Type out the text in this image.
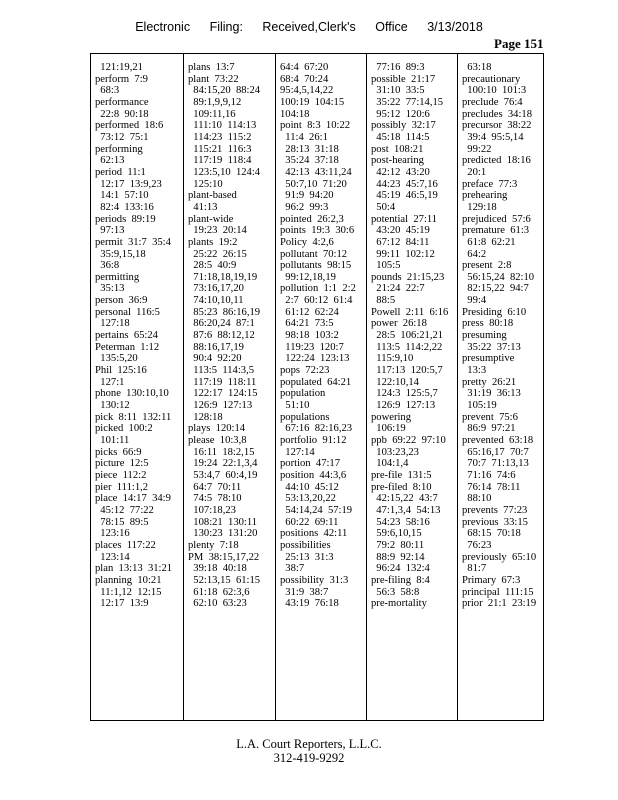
Electronic Filing: Received,Clerk's Office 3/13/2018
Page 151
121:19,21
perform  7:9
68:3
performance
22:8  90:18
performed  18:6
73:12  75:1
performing
62:13
period  11:1
12:17  13:9,23
14:1  57:10
82:4  133:16
periods  89:19
97:13
permit  31:7  35:4
35:9,15,18
36:8
permitting
35:13
person  36:9
personal  116:5
127:18
pertains  65:24
Peterman  1:12
135:5,20
Phil  125:16
127:1
phone  130:10,10
130:12
pick  8:11  132:11
picked  100:2
101:11
picks  66:9
picture  12:5
piece  112:2
pier  111:1,2
place  14:17  34:9
45:12  77:22
78:15  89:5
123:16
places  117:22
123:14
plan  13:13  31:21
planning  10:21
11:1,12  12:15
12:17  13:9
plans  13:7
plant  73:22
84:15,20  88:24
89:1,9,9,12
109:11,16
111:10  114:13
114:23  115:2
115:21  116:3
117:19  118:4
123:5,10  124:4
125:10
plant-based
41:13
plant-wide
19:23  20:14
plants  19:2
25:22  26:15
28:5  40:9
71:18,18,19,19
73:16,17,20
74:10,10,11
85:23  86:16,19
86:20,24  87:1
87:6  88:12,12
88:16,17,19
90:4  92:20
113:5  114:3,5
117:19  118:11
122:17  124:15
126:9  127:13
128:18
plays  120:14
please  10:3,8
16:11  18:2,15
19:24  22:1,3,4
53:4,7  60:4,19
64:7  70:11
74:5  78:10
107:18,23
108:21  130:11
130:23  131:20
plenty  7:18
PM  38:15,17,22
39:18  40:18
52:13,15  61:15
61:18  62:3,6
62:10  63:23
64:4  67:20
68:4  70:24
95:4,5,14,22
100:19  104:15
104:18
point  8:3  10:22
11:4  26:1
28:13  31:18
35:24  37:18
42:13  43:11,24
50:7,10  71:20
91:9  94:20
96:2  99:3
pointed  26:2,3
points  19:3  30:6
Policy  4:2,6
pollutant  70:12
pollutants  98:15
99:12,18,19
pollution  1:1  2:2
2:7  60:12  61:4
61:12  62:24
64:21  73:5
98:18  103:2
119:23  120:7
122:24  123:13
pops  72:23
populated  64:21
population
51:10
populations
67:16  82:16,23
portfolio  91:12
127:14
portion  47:17
position  44:3,6
44:10  45:12
53:13,20,22
54:14,24  57:19
60:22  69:11
positions  42:11
possibilities
25:13  31:3
38:7
possibility  31:3
31:9  38:7
43:19  76:18
77:16  89:3
possible  21:17
31:10  33:5
35:22  77:14,15
95:12  120:6
possibly  32:17
45:18  114:5
post  108:21
post-hearing
42:12  43:20
44:23  45:7,16
45:19  46:5,19
50:4
potential  27:11
43:20  45:19
67:12  84:11
99:11  102:12
105:5
pounds  21:15,23
21:24  22:7
88:5
Powell  2:11  6:16
power  26:18
28:5  106:21,21
113:5  114:2,22
115:9,10
117:13  120:5,7
122:10,14
124:3  125:5,7
126:9  127:13
powering
106:19
ppb  69:22  97:10
103:23,23
104:1,4
pre-file  131:5
pre-filed  8:10
42:15,22  43:7
47:1,3,4  54:13
54:23  58:16
59:6,10,15
79:2  80:11
88:9  92:14
96:24  132:4
pre-filing  8:4
56:3  58:8
pre-mortality
63:18
precautionary
100:10  101:3
preclude  76:4
precludes  34:18
precursor  38:22
39:4  95:5,14
99:22
predicted  18:16
20:1
preface  77:3
prehearing
129:18
prejudiced  57:6
premature  61:3
61:8  62:21
64:2
present  2:8
56:15,24  82:10
82:15,22  94:7
99:4
Presiding  6:10
press  80:18
presuming
35:22  37:13
presumptive
13:3
pretty  26:21
31:19  36:13
105:19
prevent  75:6
86:9  97:21
prevented  63:18
65:16,17  70:7
70:7  71:13,13
71:16  74:6
76:14  78:11
88:10
prevents  77:23
previous  33:15
68:15  70:18
76:23
previously  65:10
81:7
Primary  67:3
principal  111:15
prior  21:1  23:19
L.A. Court Reporters, L.L.C.
312-419-9292
